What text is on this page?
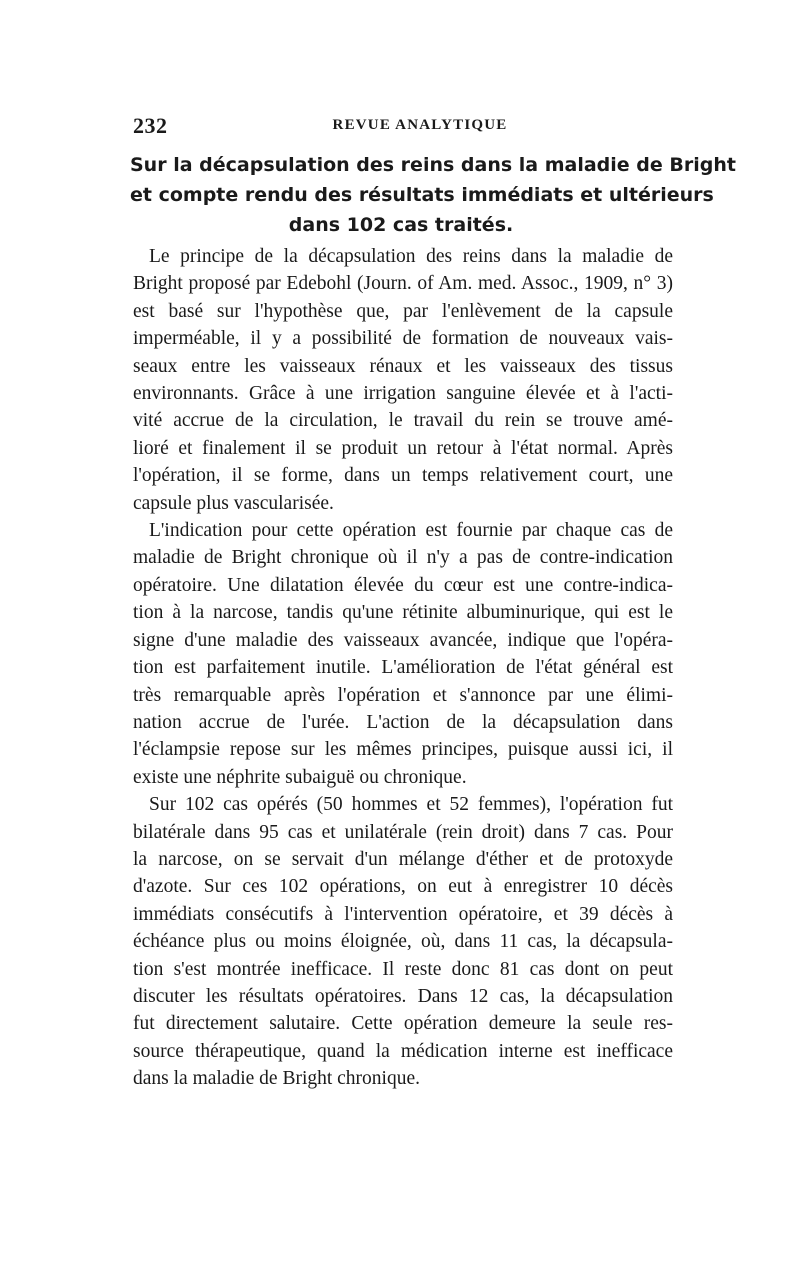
232	REVUE ANALYTIQUE
Sur la décapsulation des reins dans la maladie de Bright
et compte rendu des résultats immédiats et ultérieurs
dans 102 cas traités.
Le principe de la décapsulation des reins dans la maladie de
Bright proposé par Edebohl (Journ. of Am. med. Assoc., 1909, n° 3)
est basé sur l'hypothèse que, par l'enlèvement de la capsule
imperméable, il y a possibilité de formation de nouveaux vais-
seaux entre les vaisseaux rénaux et les vaisseaux des tissus
environnants. Grâce à une irrigation sanguine élevée et à l'acti-
vité accrue de la circulation, le travail du rein se trouve amé-
lioré et finalement il se produit un retour à l'état normal. Après
l'opération, il se forme, dans un temps relativement court, une
capsule plus vascularisée.
L'indication pour cette opération est fournie par chaque cas de
maladie de Bright chronique où il n'y a pas de contre-indication
opératoire. Une dilatation élevée du cœur est une contre-indica-
tion à la narcose, tandis qu'une rétinite albuminurique, qui est le
signe d'une maladie des vaisseaux avancée, indique que l'opéra-
tion est parfaitement inutile. L'amélioration de l'état général est
très remarquable après l'opération et s'annonce par une élimi-
nation accrue de l'urée. L'action de la décapsulation dans
l'éclampsie repose sur les mêmes principes, puisque aussi ici, il
existe une néphrite subaiguë ou chronique.
Sur 102 cas opérés (50 hommes et 52 femmes), l'opération fut
bilatérale dans 95 cas et unilatérale (rein droit) dans 7 cas. Pour
la narcose, on se servait d'un mélange d'éther et de protoxyde
d'azote. Sur ces 102 opérations, on eut à enregistrer 10 décès
immédiats consécutifs à l'intervention opératoire, et 39 décès à
échéance plus ou moins éloignée, où, dans 11 cas, la décapsula-
tion s'est montrée inefficace. Il reste donc 81 cas dont on peut
discuter les résultats opératoires. Dans 12 cas, la décapsulation
fut directement salutaire. Cette opération demeure la seule res-
source thérapeutique, quand la médication interne est inefficace
dans la maladie de Bright chronique.
